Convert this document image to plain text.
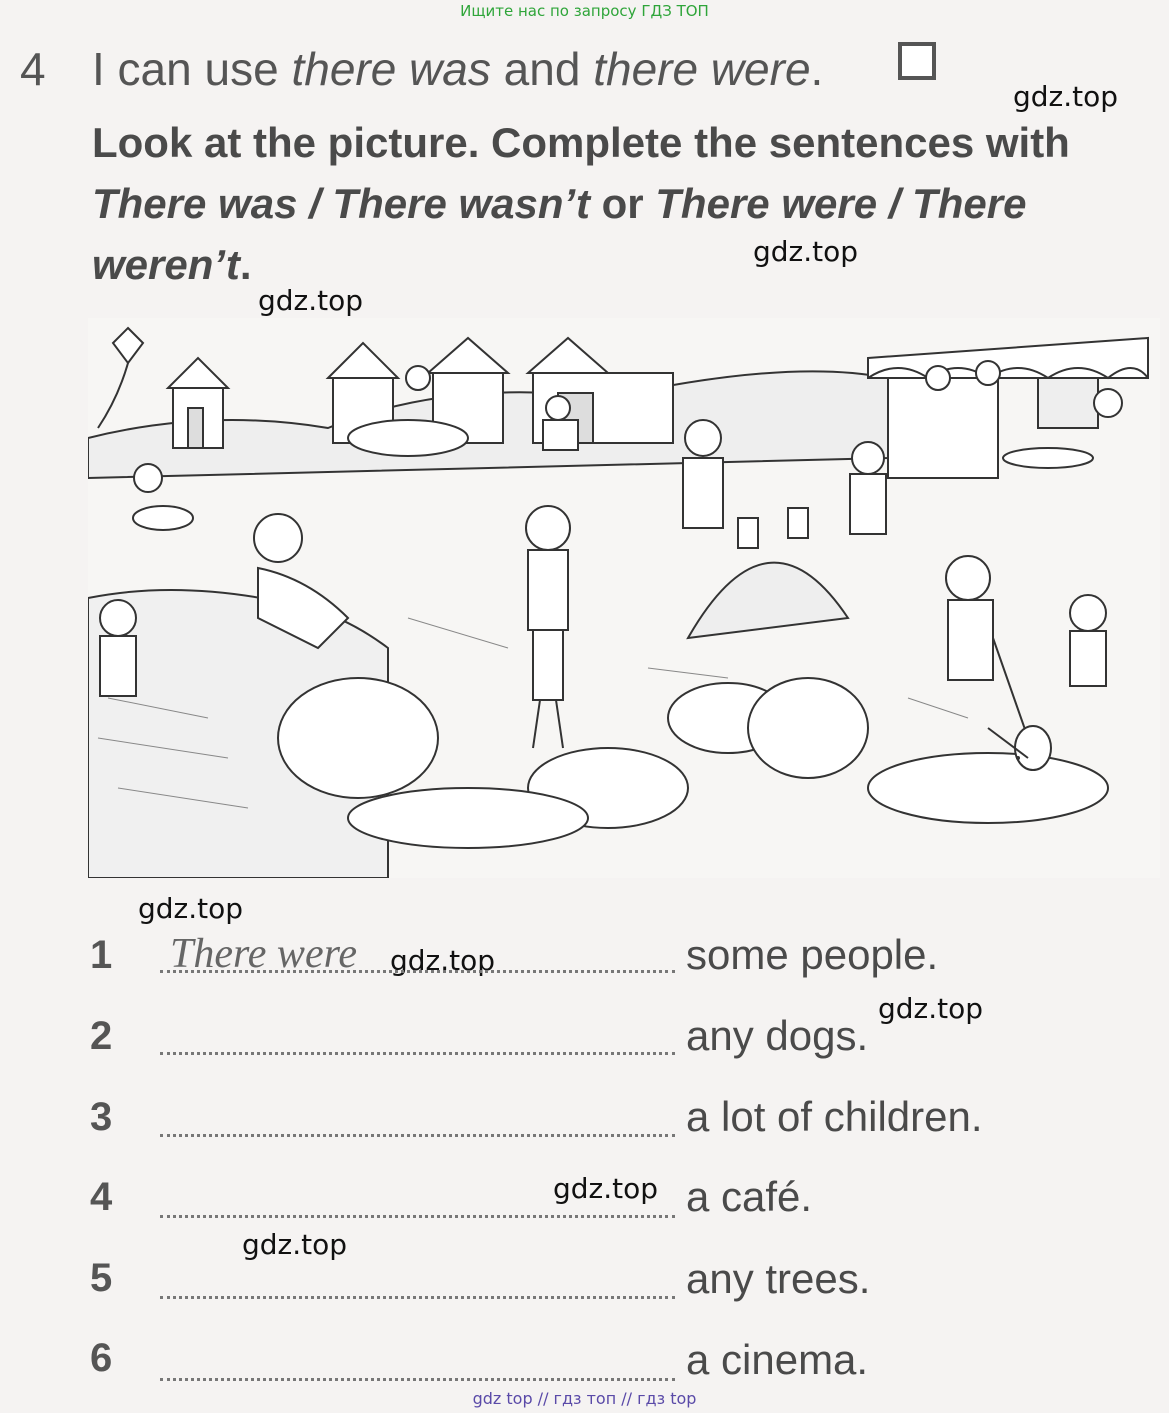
Ищите нас по запросу ГДЗ ТОП
4 I can use there was and there were.
Look at the picture. Complete the sentences with There was / There wasn’t or There were / There weren’t.
gdz.top
gdz.top
gdz.top
gdz.top
gdz.top
gdz.top
gdz.top
gdz.top
1 There were	some people.
2	any dogs.
3	a lot of children.
4	a café.
5	any trees.
6	a cinema.
gdz top // гдз топ // гдз top
